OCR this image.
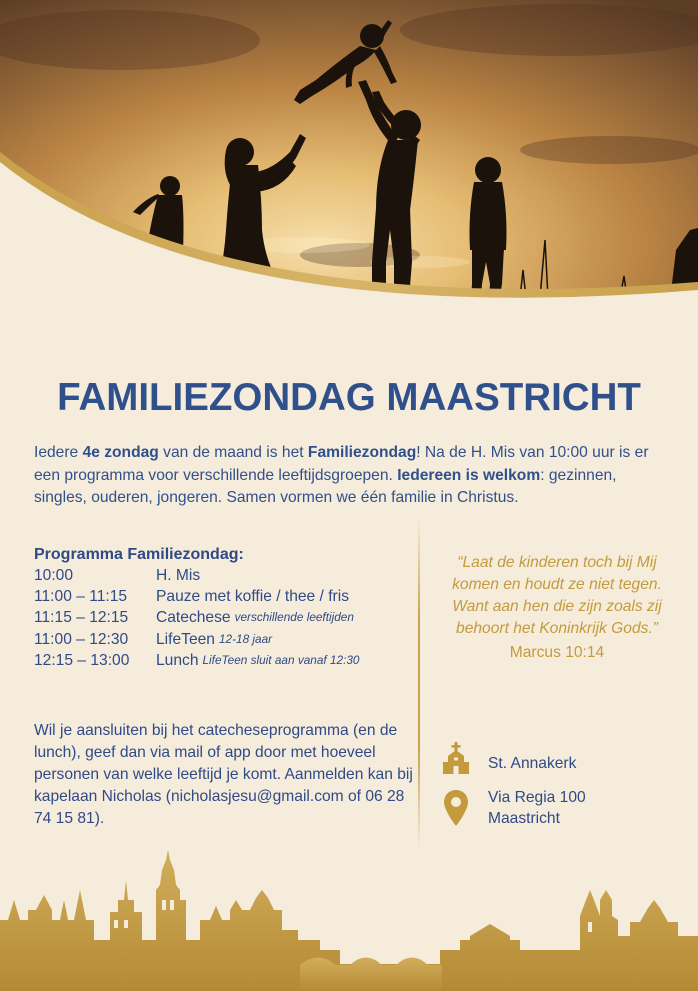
FAMILIEZONDAG MAASTRICHT

Iedere 4e zondag van de maand is het Familiezondag! Na de H. Mis van 10:00 uur is er een programma voor verschillende leeftijdsgroepen. Iedereen is welkom: gezinnen, singles, ouderen, jongeren. Samen vormen we één familie in Christus.

Programma Familiezondag:
10:00	H. Mis
11:00 – 11:15	Pauze met koffie / thee / fris
11:15 – 12:15	Catechese verschillende leeftijden
11:00 – 12:30	LifeTeen 12-18 jaar
12:15 – 13:00	Lunch LifeTeen sluit aan vanaf 12:30
“Laat de kinderen toch bij Mij komen en houdt ze niet tegen. Want aan hen die zijn zoals zij behoort het Koninkrijk Gods.”
Marcus 10:14

Wil je aansluiten bij het catecheseprogramma (en de lunch), geef dan via mail of app door met hoeveel personen van welke leeftijd je komt. Aanmelden kan bij kapelaan Nicholas (nicholasjesu@gmail.com of 06 28 74 15 81).

St. Annakerk
Via Regia 100
Maastricht
